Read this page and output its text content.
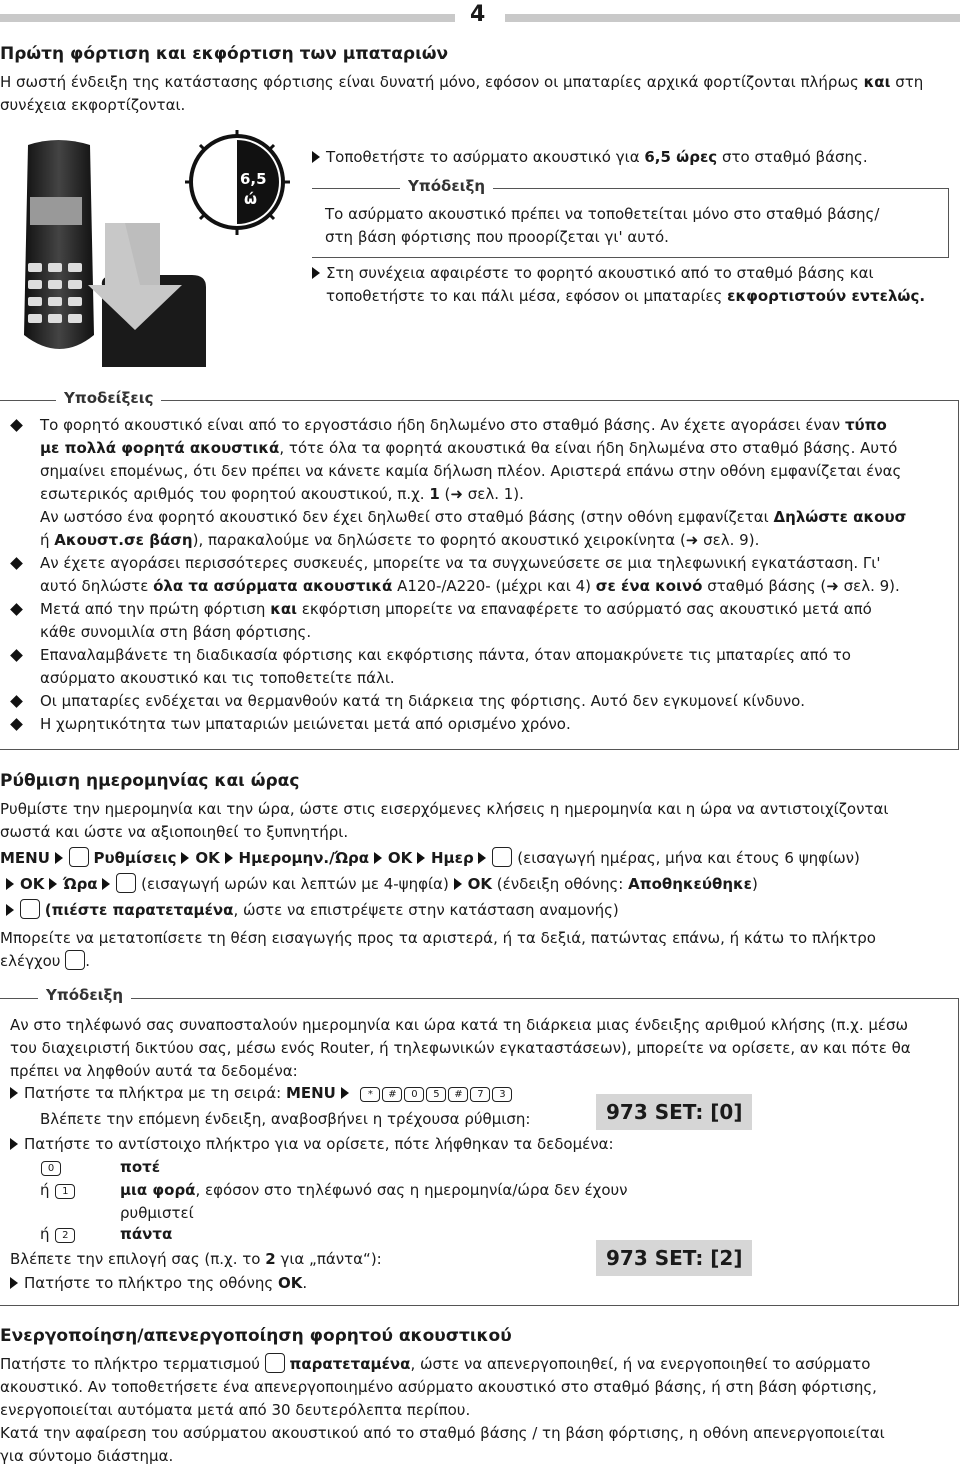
4
Πρώτη φόρτιση και εκφόρτιση των μπαταριών

Η σωστή ένδειξη της κατάστασης φόρτισης είναι δυνατή μόνο, εφόσον οι μπαταρίες αρχικά φορτίζονται πλήρως και στη
συνέχεια εκφορτίζονται.

6,5
ώ

Τοποθετήστε το ασύρματο ακουστικό για 6,5 ώρες στο σταθμό βάσης.

Υπόδειξη

Το ασύρματο ακουστικό πρέπει να τοποθετείται μόνο στο σταθμό βάσης/
στη βάση φόρτισης που προορίζεται γι' αυτό.

Στη συνέχεια αφαιρέστε το φορητό ακουστικό από το σταθμό βάσης και
τοποθετήστε το και πάλι μέσα, εφόσον οι μπαταρίες εκφορτιστούν εντελώς.

Υποδείξεις
Το φορητό ακουστικό είναι από το εργοστάσιο ήδη δηλωμένο στο σταθμό βάσης. Αν έχετε αγοράσει έναν τύπο
με πολλά φορητά ακουστικά, τότε όλα τα φορητά ακουστικά θα είναι ήδη δηλωμένα στο σταθμό βάσης. Αυτό
σημαίνει επομένως, ότι δεν πρέπει να κάνετε καμία δήλωση πλέον. Αριστερά επάνω στην οθόνη εμφανίζεται ένας
εσωτερικός αριθμός του φορητού ακουστικού, π.χ. 1 (➜ σελ. 1).
Αν ωστόσο ένα φορητό ακουστικό δεν έχει δηλωθεί στο σταθμό βάσης (στην οθόνη εμφανίζεται Δηλώστε ακουσ
ή Ακουστ.σε βάση), παρακαλούμε να δηλώσετε το φορητό ακουστικό χειροκίνητα (➜ σελ. 9).
Αν έχετε αγοράσει περισσότερες συσκευές, μπορείτε να τα συγχωνεύσετε σε μια τηλεφωνική εγκατάσταση. Γι'
αυτό δηλώστε όλα τα ασύρματα ακουστικά A120-/A220- (μέχρι και 4) σε ένα κοινό σταθμό βάσης (➜ σελ. 9).
Μετά από την πρώτη φόρτιση και εκφόρτιση μπορείτε να επαναφέρετε το ασύρματό σας ακουστικό μετά από
κάθε συνομιλία στη βάση φόρτισης.
Επαναλαμβάνετε τη διαδικασία φόρτισης και εκφόρτισης πάντα, όταν απομακρύνετε τις μπαταρίες από το
ασύρματο ακουστικό και τις τοποθετείτε πάλι.
Οι μπαταρίες ενδέχεται να θερμανθούν κατά τη διάρκεια της φόρτισης. Αυτό δεν εγκυμονεί κίνδυνο.
Η χωρητικότητα των μπαταριών μειώνεται μετά από ορισμένο χρόνο.
Ρύθμιση ημερομηνίας και ώρας

Ρυθμίστε την ημερομηνία και την ώρα, ώστε στις εισερχόμενες κλήσεις η ημερομηνία και η ώρα να αντιστοιχίζονται
σωστά και ώστε να αξιοποιηθεί το ξυπνητήρι.

MENU	Ρυθμίσεις OK Ημερομην./Ώρα OK Ημερ	(εισαγωγή ημέρας, μήνα και έτους 6 ψηφίων)

OK Ώρα	(εισαγωγή ωρών και λεπτών με 4-ψηφία) OK (ένδειξη οθόνης: Αποθηκεύθηκε)

(πιέστε παρατεταμένα, ώστε να επιστρέψετε στην κατάσταση αναμονής)

Μπορείτε να μετατοπίσετε τη θέση εισαγωγής προς τα αριστερά, ή τα δεξιά, πατώντας επάνω, ή κάτω το πλήκτρο
ελέγχου .

Υπόδειξη

Αν στο τηλέφωνό σας συναποσταλούν ημερομηνία και ώρα κατά τη διάρκεια μιας ένδειξης αριθμού κλήσης (π.χ. μέσω
του διαχειριστή δικτύου σας, μέσω ενός Router, ή τηλεφωνικών εγκαταστάσεων), μπορείτε να ορίσετε, αν και πότε θα
πρέπει να ληφθούν αυτά τα δεδομένα:

Πατήστε τα πλήκτρα με τη σειρά: MENU	* # 0 5 # 7 3

Βλέπετε την επόμενη ένδειξη, αναβοσβήνει η τρέχουσα ρύθμιση:	973 SET: [0]

Πατήστε το αντίστοιχο πλήκτρο για να ορίσετε, πότε λήφθηκαν τα δεδομένα:

0	ποτέ

ή 1	μια φορά, εφόσον στο τηλέφωνό σας η ημερομηνία/ώρα δεν έχουν
ρυθμιστεί

ή 2	πάντα

Βλέπετε την επιλογή σας (π.χ. το 2 για „πάντα“):	973 SET: [2]

Πατήστε το πλήκτρο της οθόνης OK.

Ενεργοποίηση/απενεργοποίηση φορητού ακουστικού

Πατήστε το πλήκτρο τερματισμού παρατεταμένα, ώστε να απενεργοποιηθεί, ή να ενεργοποιηθεί το ασύρματο
ακουστικό. Αν τοποθετήσετε ένα απενεργοποιημένο ασύρματο ακουστικό στο σταθμό βάσης, ή στη βάση φόρτισης,
ενεργοποιείται αυτόματα μετά από 30 δευτερόλεπτα περίπου.
Κατά την αφαίρεση του ασύρματου ακουστικού από το σταθμό βάσης / τη βάση φόρτισης, η οθόνη απενεργοποιείται
για σύντομο διάστημα.
